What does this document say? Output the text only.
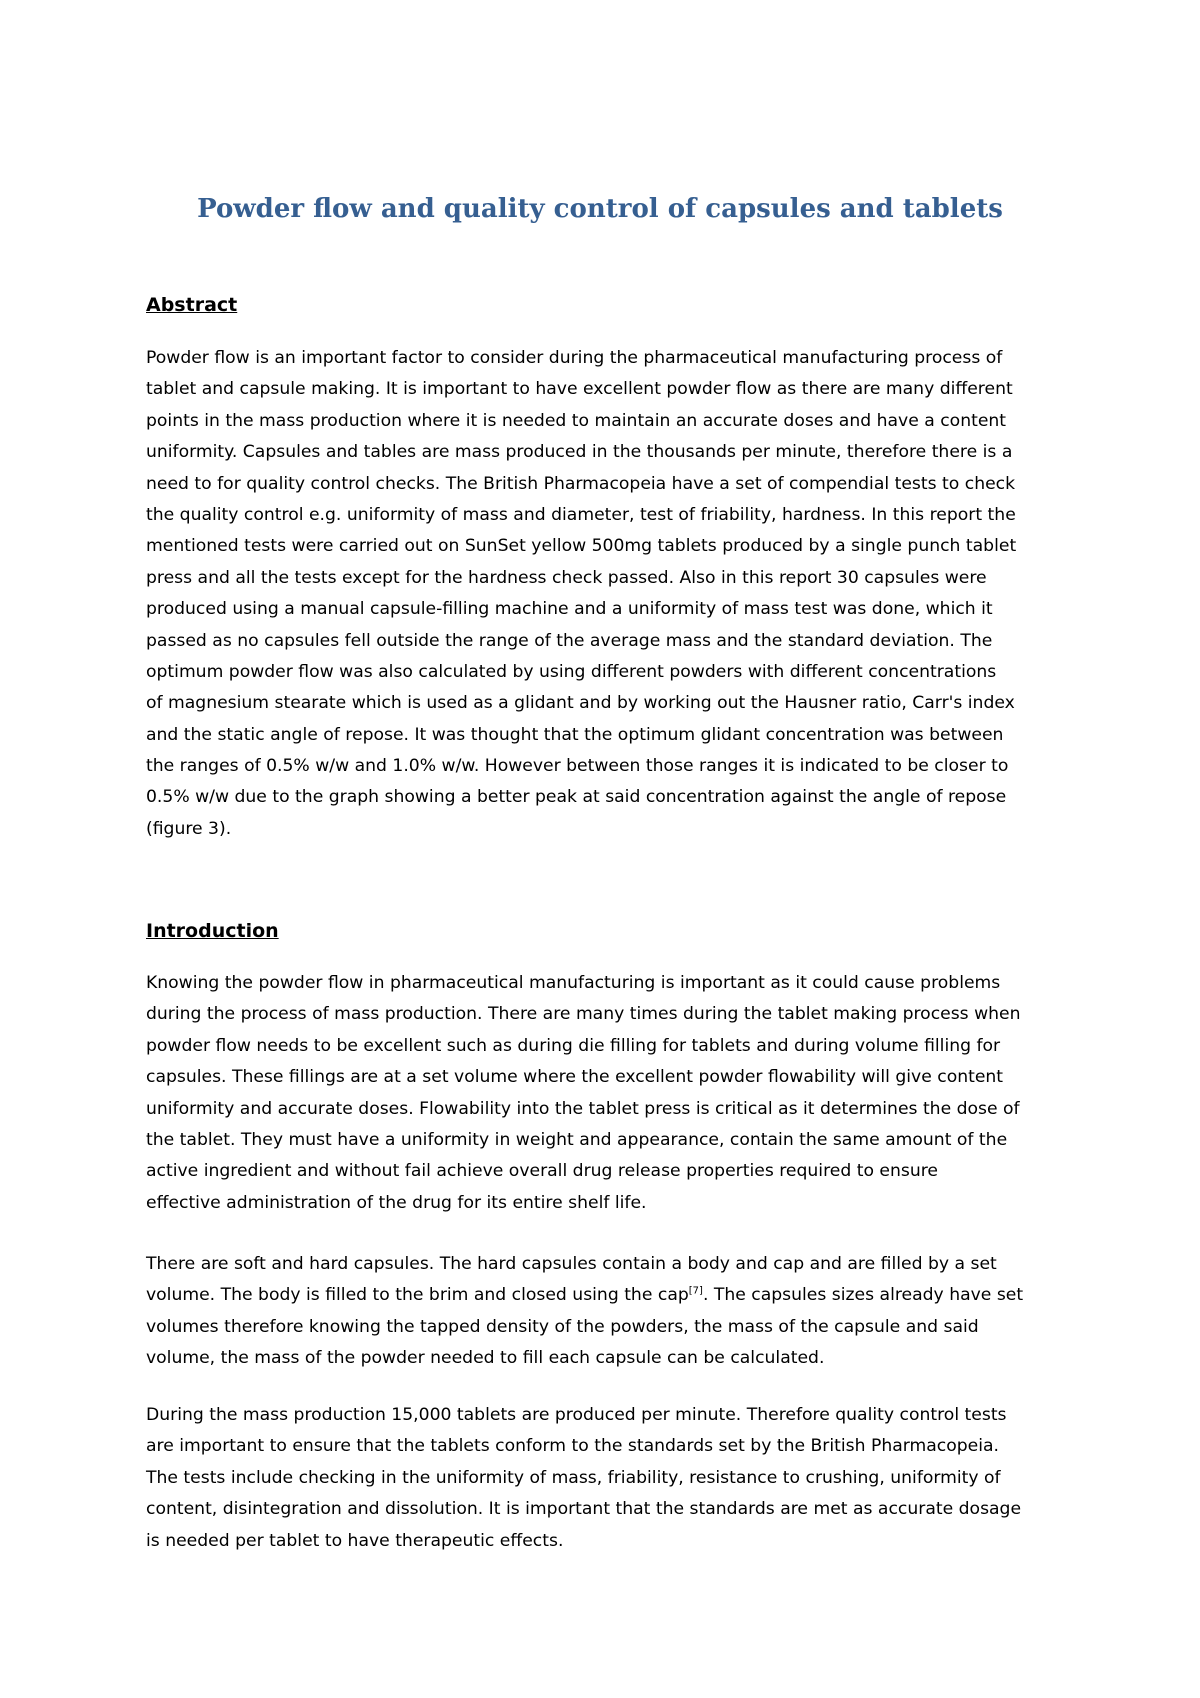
Powder flow and quality control of capsules and tablets
Abstract

Powder flow is an important factor to consider during the pharmaceutical manufacturing process of
tablet and capsule making. It is important to have excellent powder flow as there are many different
points in the mass production where it is needed to maintain an accurate doses and have a content
uniformity. Capsules and tables are mass produced in the thousands per minute, therefore there is a
need to for quality control checks. The British Pharmacopeia have a set of compendial tests to check
the quality control e.g. uniformity of mass and diameter, test of friability, hardness. In this report the
mentioned tests were carried out on SunSet yellow 500mg tablets produced by a single punch tablet
press and all the tests except for the hardness check passed. Also in this report 30 capsules were
produced using a manual capsule-filling machine and a uniformity of mass test was done, which it
passed as no capsules fell outside the range of the average mass and the standard deviation. The
optimum powder flow was also calculated by using different powders with different concentrations
of magnesium stearate which is used as a glidant and by working out the Hausner ratio, Carr's index
and the static angle of repose. It was thought that the optimum glidant concentration was between
the ranges of 0.5% w/w and 1.0% w/w. However between those ranges it is indicated to be closer to
0.5% w/w due to the graph showing a better peak at said concentration against the angle of repose
(figure 3).

Introduction

Knowing the powder flow in pharmaceutical manufacturing is important as it could cause problems
during the process of mass production. There are many times during the tablet making process when
powder flow needs to be excellent such as during die filling for tablets and during volume filling for
capsules. These fillings are at a set volume where the excellent powder flowability will give content
uniformity and accurate doses. Flowability into the tablet press is critical as it determines the dose of
the tablet. They must have a uniformity in weight and appearance, contain the same amount of the
active ingredient and without fail achieve overall drug release properties required to ensure
effective administration of the drug for its entire shelf life.

There are soft and hard capsules. The hard capsules contain a body and cap and are filled by a set
volume. The body is filled to the brim and closed using the cap[7]. The capsules sizes already have set
volumes therefore knowing the tapped density of the powders, the mass of the capsule and said
volume, the mass of the powder needed to fill each capsule can be calculated.

During the mass production 15,000 tablets are produced per minute. Therefore quality control tests
are important to ensure that the tablets conform to the standards set by the British Pharmacopeia.
The tests include checking in the uniformity of mass, friability, resistance to crushing, uniformity of
content, disintegration and dissolution. It is important that the standards are met as accurate dosage
is needed per tablet to have therapeutic effects.
